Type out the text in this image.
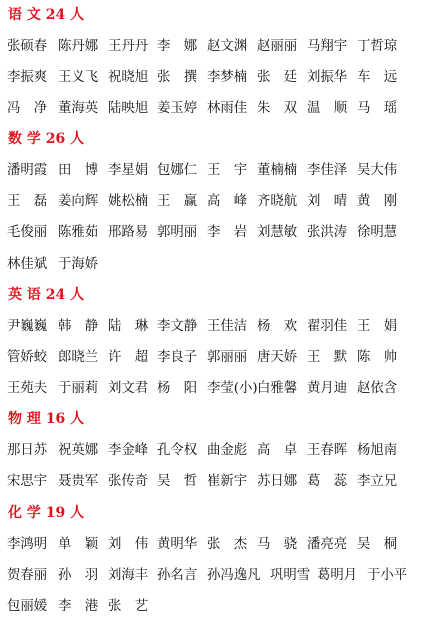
语 文 24 人
张硕春 陈丹娜 王丹丹 李　娜 赵文渊 赵丽丽 马翔宇 丁哲琼
李振爽 王义飞 祝晓旭 张　撰 李梦楠 张　廷 刘振华 车　远
冯　净 董海英 陆映旭 姜玉婷 林雨佳 朱　双 温　顺 马　瑶
数 学 26 人
潘明霞 田　博 李星娟 包娜仁 王　宇 董楠楠 李佳泽 吴大伟
王　磊 姜向辉 姚松楠 王　赢 高　峰 齐晓航 刘　晴 黄　刚
毛俊丽 陈雅茹 邢路易 郭明丽 李　岩 刘慧敏 张洪涛 徐明慧
林佳斌 于海娇
英 语 24 人
尹巍巍 韩　静 陆　琳 李文静 王佳洁 杨　欢 翟羽佳 王　娟
管娇蛟 郎晓兰 许　超 李良子 郭丽丽 唐天娇 王　默 陈　帅
王苑夫 于丽莉 刘文君 杨　阳 李莹(小) 白雅馨 黄月迪 赵依含
物 理 16 人
那日苏 祝英娜 李金峰 孔令权 曲金彪 高　卓 王春晖 杨旭南
宋思宇 聂贵军 张传奇 吴　哲 崔新宇 苏日娜 葛　蕊 李立兄
化 学 19 人
李鸿明 单　颖 刘　伟 黄明华 张　杰 马　骁 潘亮亮 吴　桐
贺春丽 孙　羽 刘海丰 孙名言 孙冯逸凡 巩明雪 葛明月 于小平
包丽媛 李　港 张　艺
